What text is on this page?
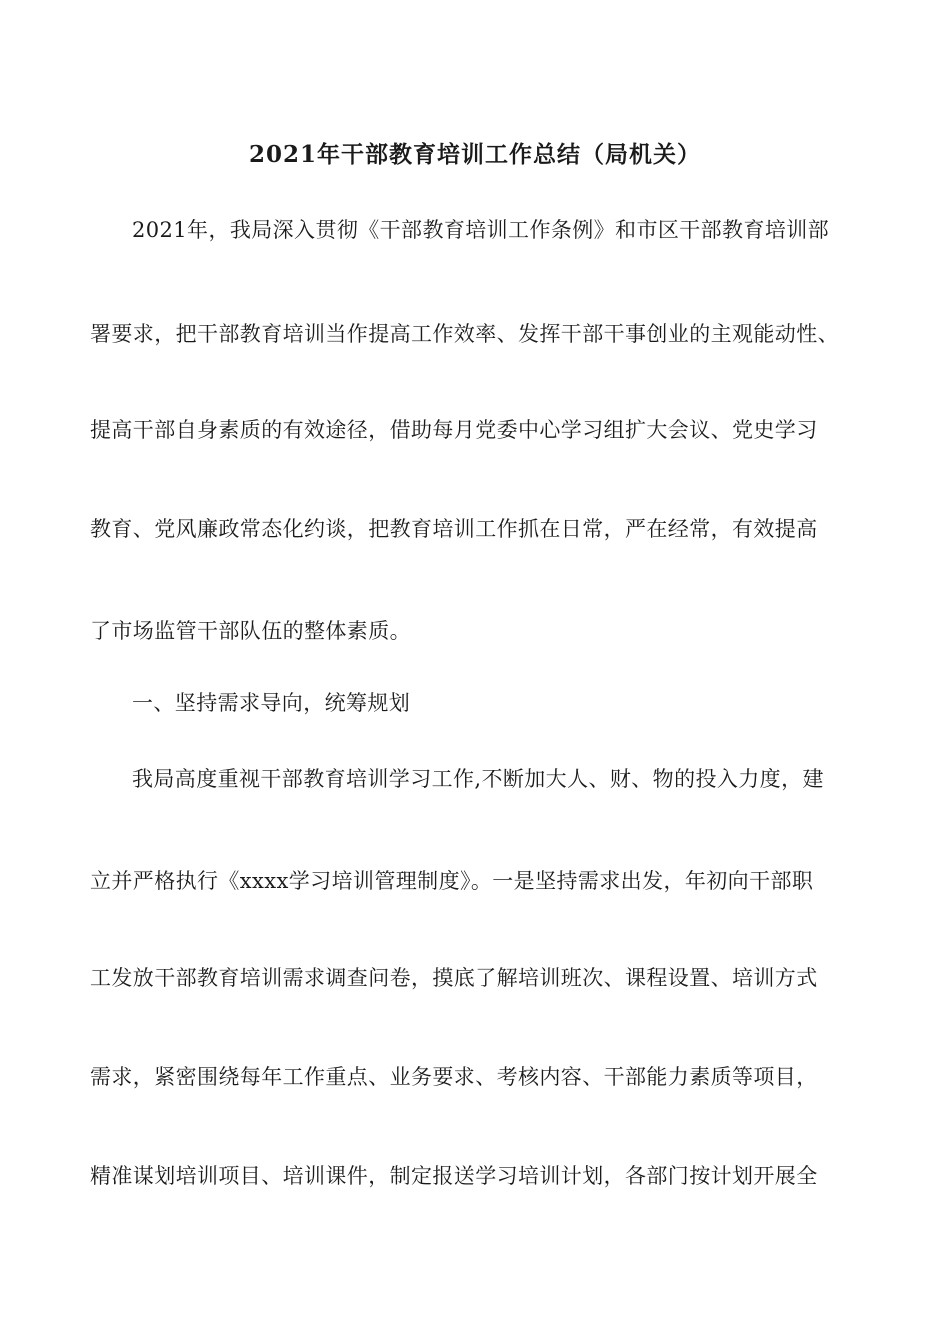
2021年干部教育培训工作总结（局机关）
2021年，我局深入贯彻《干部教育培训工作条例》和市区干部教育培训部
署要求，把干部教育培训当作提高工作效率、发挥干部干事创业的主观能动性、
提高干部自身素质的有效途径，借助每月党委中心学习组扩大会议、党史学习
教育、党风廉政常态化约谈，把教育培训工作抓在日常，严在经常，有效提高
了市场监管干部队伍的整体素质。
一、坚持需求导向，统筹规划
我局高度重视干部教育培训学习工作,不断加大人、财、物的投入力度，建
立并严格执行《xxxx学习培训管理制度》。一是坚持需求出发，年初向干部职
工发放干部教育培训需求调查问卷，摸底了解培训班次、课程设置、培训方式
需求，紧密围绕每年工作重点、业务要求、考核内容、干部能力素质等项目，
精准谋划培训项目、培训课件，制定报送学习培训计划，各部门按计划开展全
